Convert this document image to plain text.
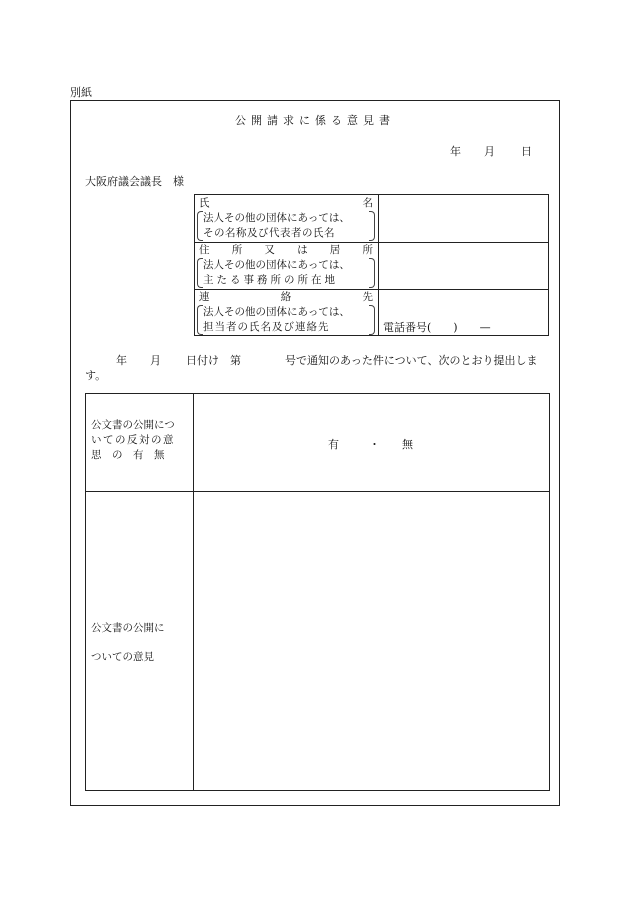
別紙
公開請求に係る意見書
年 月 日
大阪府議会議長　様
氏	名
法人その他の団体にあっては、
その名称及び代表者の氏名
住 所 又 は 居 所
法人その他の団体にあっては、
主たる事務所の所在地
連	絡	先
法人その他の団体にあっては、
担当者の氏名及び連絡先	電話番号(　　)　　—
年 月 日付け　第	号で通知のあった件について、次のとおり提出しま
す。
公文書の公開につ
いての反対の意
思　の　有　無
有	・ 無
公文書の公開に
ついての意見
